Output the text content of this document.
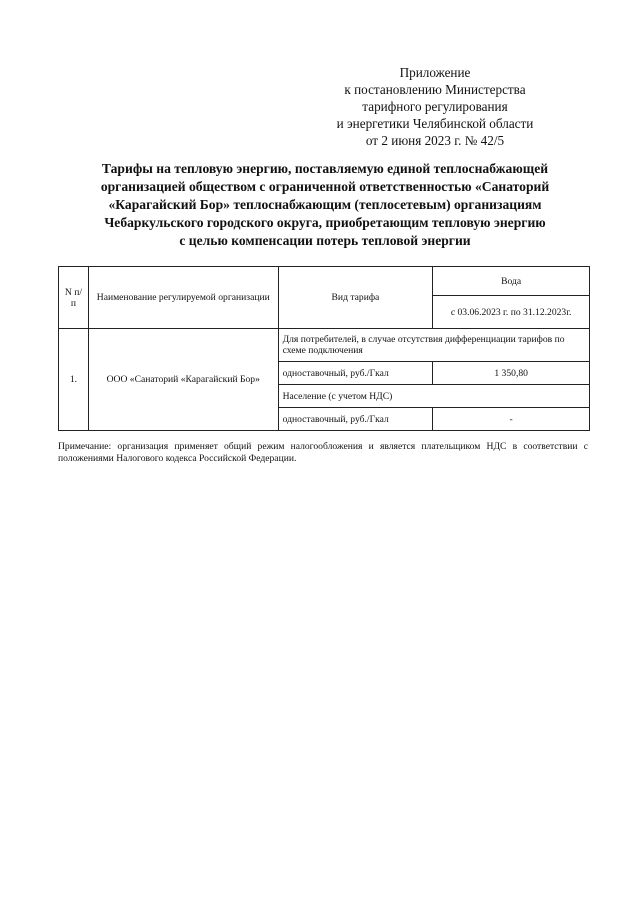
Приложение
к постановлению Министерства
тарифного регулирования
и энергетики Челябинской области
от 2 июня 2023 г. № 42/5
Тарифы на тепловую энергию, поставляемую единой теплоснабжающей
организацией обществом с ограниченной ответственностью «Санаторий
«Карагайский Бор» теплоснабжающим (теплосетевым) организациям
Чебаркульского городского округа, приобретающим тепловую энергию
с целью компенсации потерь тепловой энергии
N п/п	Наименование регулируемой организации	Вид тарифа	Вода
			с 03.06.2023 г. по 31.12.2023г.
1.	ООО «Санаторий «Карагайский Бор»	Для потребителей, в случае отсутствия дифференциации тарифов по схеме подключения	
		одноставочный, руб./Гкал	1 350,80
		Население (с учетом НДС)	
		одноставочный, руб./Гкал	-
Примечание: организация применяет общий режим налогообложения и является плательщиком НДС в соответствии с положениями Налогового кодекса Российской Федерации.
